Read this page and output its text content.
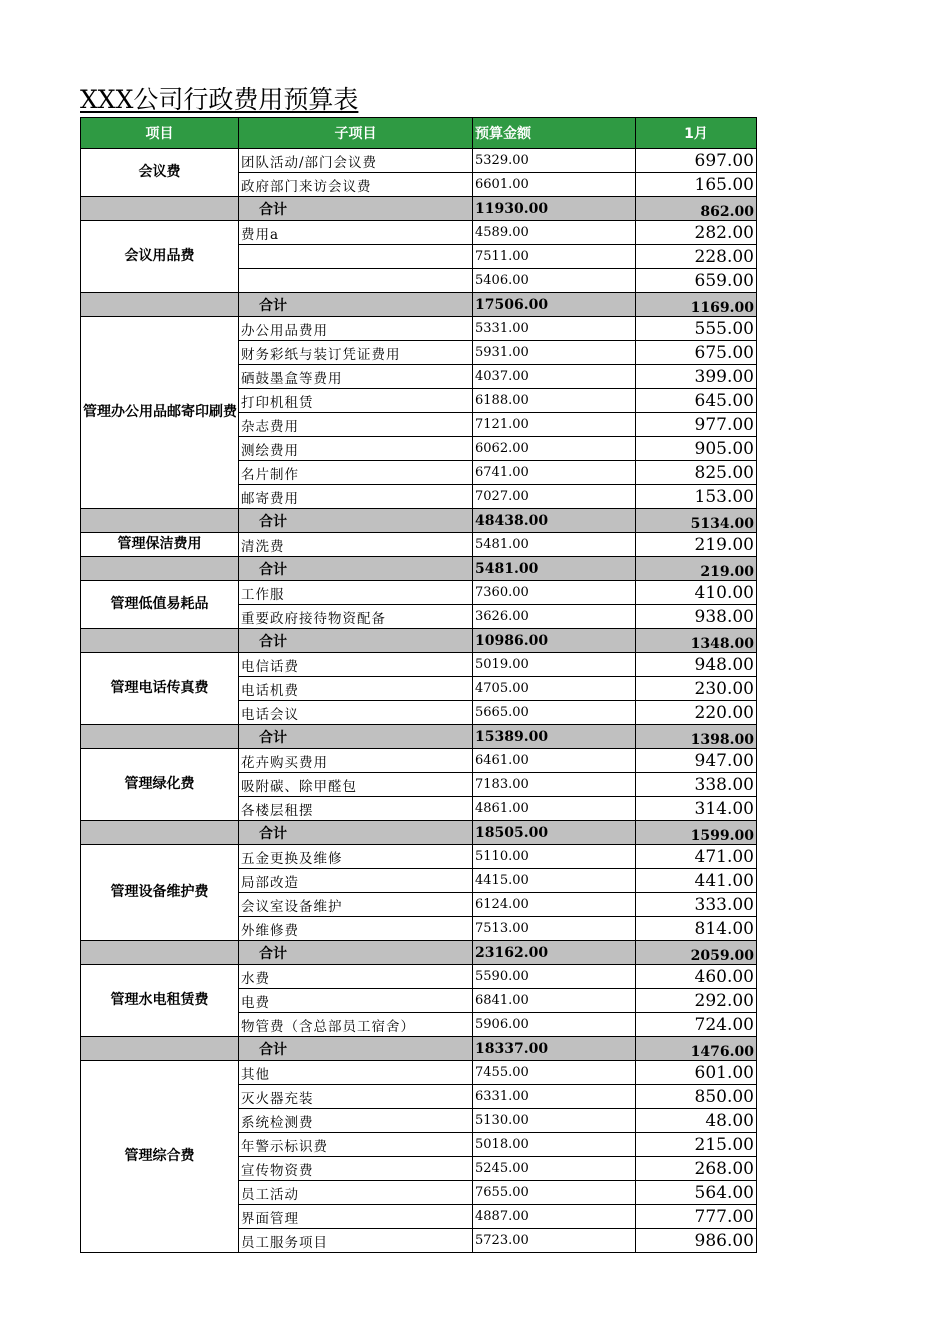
XXX公司行政费用预算表
项目	子项目	预算金额	1月
会议费	团队活动/部门会议费	5329.00	697.00
	政府部门来访会议费	6601.00	165.00
	合计	11930.00	862.00
会议用品费	费用a	4589.00	282.00
		7511.00	228.00
		5406.00	659.00
	合计	17506.00	1169.00
管理办公用品邮寄印刷费	办公用品费用	5331.00	555.00
	财务彩纸与装订凭证费用	5931.00	675.00
	硒鼓墨盒等费用	4037.00	399.00
	打印机租赁	6188.00	645.00
	杂志费用	7121.00	977.00
	测绘费用	6062.00	905.00
	名片制作	6741.00	825.00
	邮寄费用	7027.00	153.00
	合计	48438.00	5134.00
管理保洁费用	清洗费	5481.00	219.00
	合计	5481.00	219.00
管理低值易耗品	工作服	7360.00	410.00
	重要政府接待物资配备	3626.00	938.00
	合计	10986.00	1348.00
管理电话传真费	电信话费	5019.00	948.00
	电话机费	4705.00	230.00
	电话会议	5665.00	220.00
	合计	15389.00	1398.00
管理绿化费	花卉购买费用	6461.00	947.00
	吸附碳、除甲醛包	7183.00	338.00
	各楼层租摆	4861.00	314.00
	合计	18505.00	1599.00
管理设备维护费	五金更换及维修	5110.00	471.00
	局部改造	4415.00	441.00
	会议室设备维护	6124.00	333.00
	外维修费	7513.00	814.00
	合计	23162.00	2059.00
管理水电租赁费	水费	5590.00	460.00
	电费	6841.00	292.00
	物管费（含总部员工宿舍）	5906.00	724.00
	合计	18337.00	1476.00
管理综合费	其他	7455.00	601.00
	灭火器充装	6331.00	850.00
	系统检测费	5130.00	48.00
	年警示标识费	5018.00	215.00
	宣传物资费	5245.00	268.00
	员工活动	7655.00	564.00
	界面管理	4887.00	777.00
	员工服务项目	5723.00	986.00
